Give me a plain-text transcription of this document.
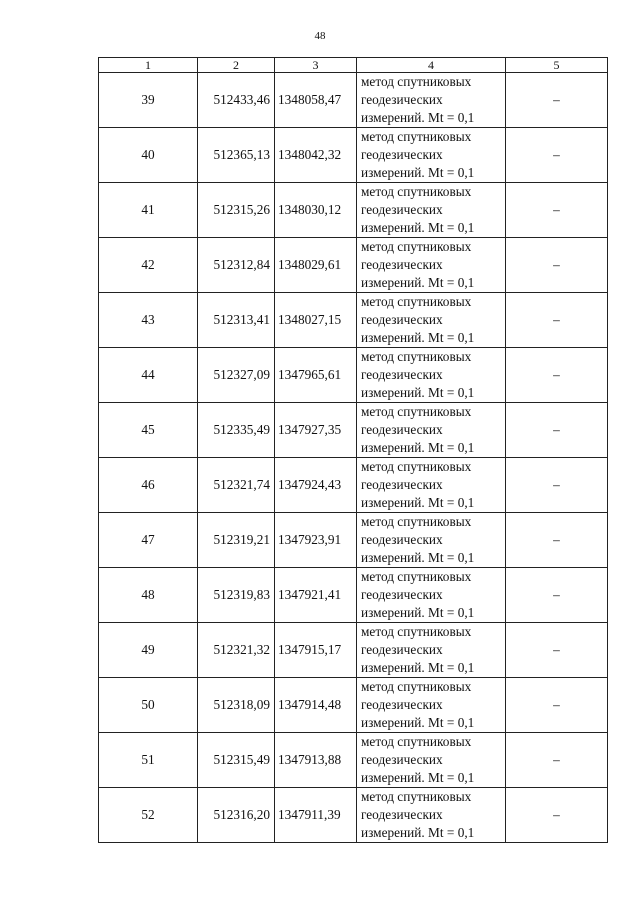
48
1	2	3	4	5
39	512433,46	1348058,47	метод спутниковых
геодезических
измерений. Mt = 0,1	–
40	512365,13	1348042,32	метод спутниковых
геодезических
измерений. Mt = 0,1	–
41	512315,26	1348030,12	метод спутниковых
геодезических
измерений. Mt = 0,1	–
42	512312,84	1348029,61	метод спутниковых
геодезических
измерений. Mt = 0,1	–
43	512313,41	1348027,15	метод спутниковых
геодезических
измерений. Mt = 0,1	–
44	512327,09	1347965,61	метод спутниковых
геодезических
измерений. Mt = 0,1	–
45	512335,49	1347927,35	метод спутниковых
геодезических
измерений. Mt = 0,1	–
46	512321,74	1347924,43	метод спутниковых
геодезических
измерений. Mt = 0,1	–
47	512319,21	1347923,91	метод спутниковых
геодезических
измерений. Mt = 0,1	–
48	512319,83	1347921,41	метод спутниковых
геодезических
измерений. Mt = 0,1	–
49	512321,32	1347915,17	метод спутниковых
геодезических
измерений. Mt = 0,1	–
50	512318,09	1347914,48	метод спутниковых
геодезических
измерений. Mt = 0,1	–
51	512315,49	1347913,88	метод спутниковых
геодезических
измерений. Mt = 0,1	–
52	512316,20	1347911,39	метод спутниковых
геодезических
измерений. Mt = 0,1	–
